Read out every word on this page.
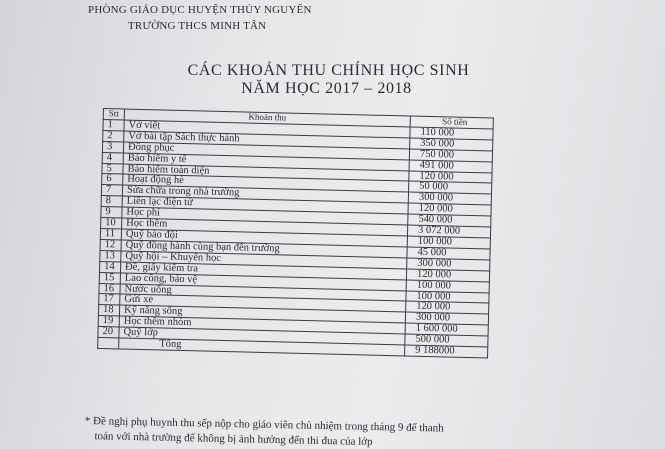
PHÒNG GIÁO DỤC HUYỆN THỦY NGUYÊN
TRƯỜNG THCS MINH TÂN
CÁC KHOẢN THU CHÍNH HỌC SINH
NĂM HỌC 2017 – 2018
Stt	Khoản thu	Số tiền
1	Vở viết	110 000
2	Vở bài tập Sách thực hành	350 000
3	Đồng phục	750 000
4	Bảo hiểm y tế	491 000
5	Bảo hiểm toàn diện	120 000
6	Hoạt động hè	50 000
7	Sửa chữa trong nhà trường	300 000
8	Liên lạc điện tử	120 000
9	Học phí	540 000
10	Học thêm	3 072 000
11	Quỹ bảo đội	100 000
12	Quỹ đồng hành cùng bạn đến trường	45 000
13	Quỹ hội – Khuyến học	300 000
14	Đề, giấy kiểm tra	120 000
15	Lao công, bảo vệ	100 000
16	Nước uống	100 000
17	Gửi xe	120 000
18	Kỹ năng sống	300 000
19	Học thêm nhóm	1 600 000
20	Quỹ lớp	500 000
	Tổng	9 188000
* Đề nghị phụ huynh thu sếp nộp cho giáo viên chủ nhiệm trong tháng 9 để thanh
toán với nhà trường để không bị ảnh hưởng đến thi đua của lớp
